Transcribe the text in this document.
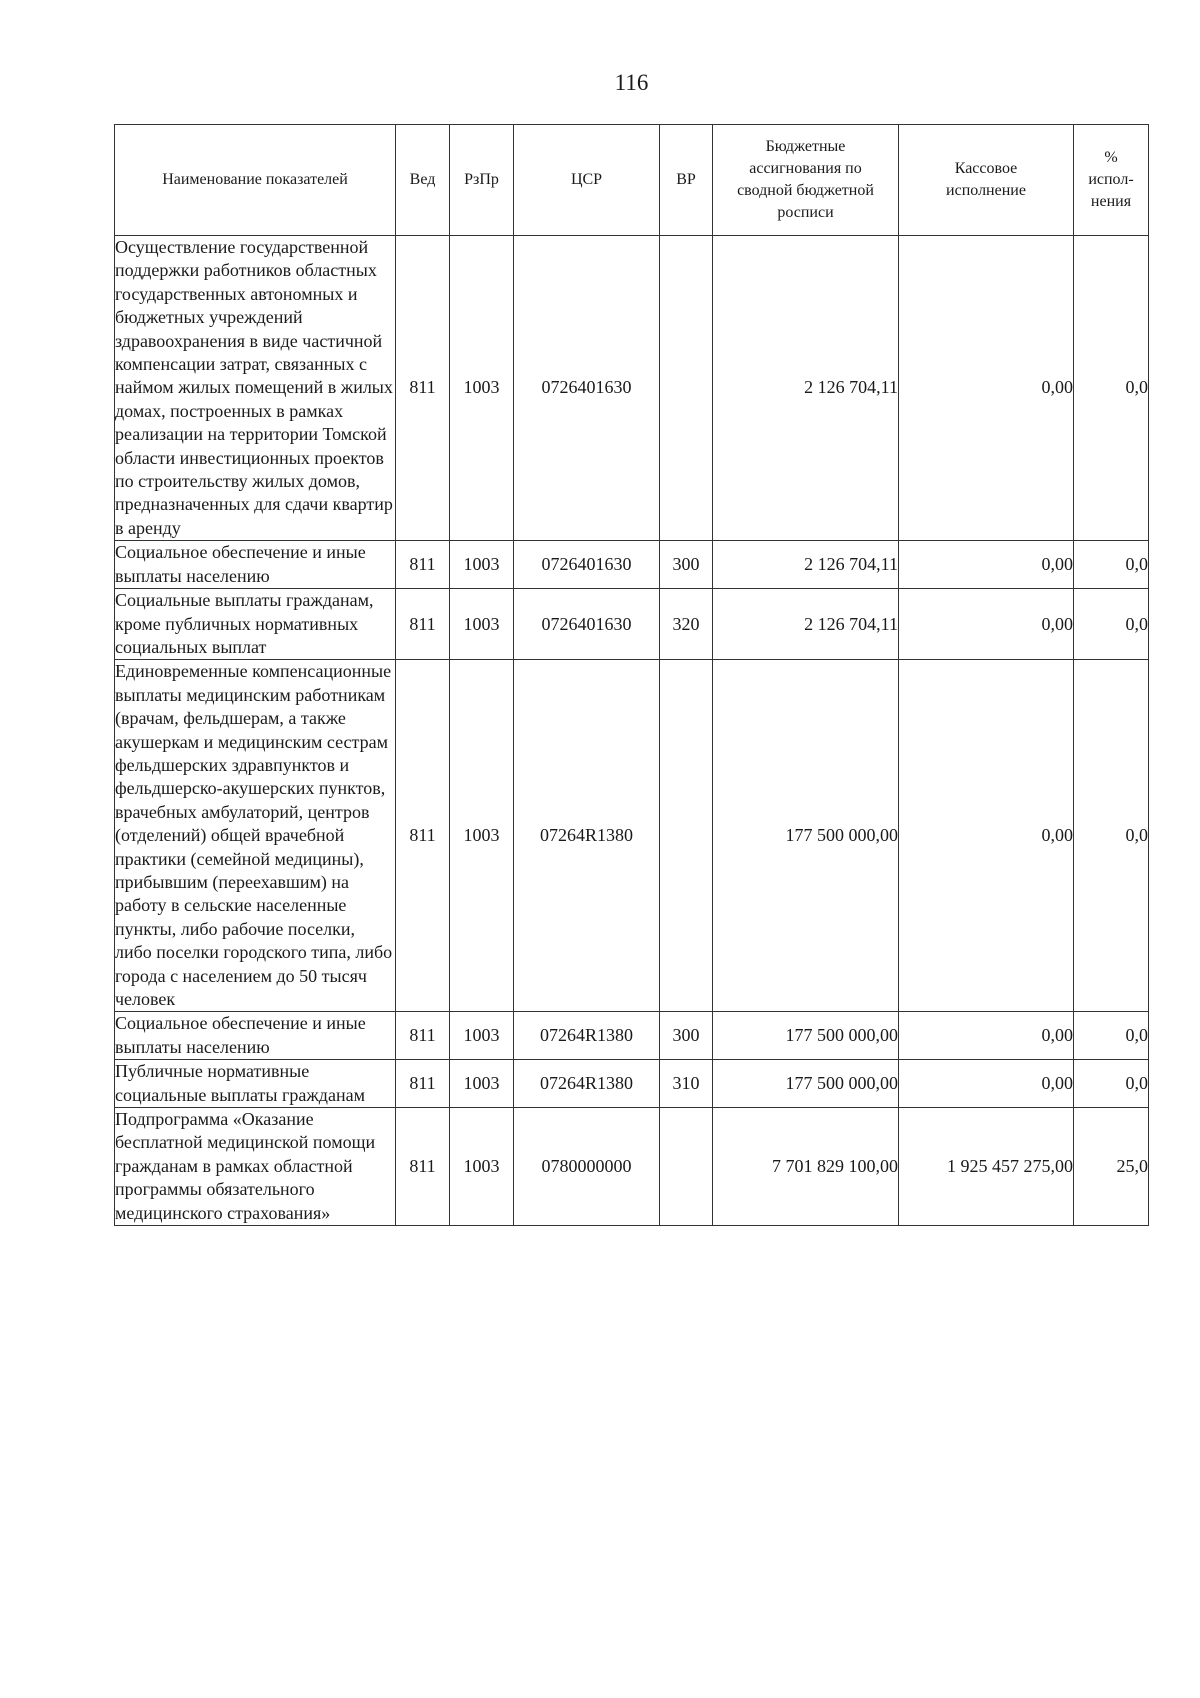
116
Наименование показателей	Вед	РзПр	ЦСР	ВР	Бюджетные ассигнования по сводной бюджетной росписи	Кассовое исполнение	% испол-нения
Осуществление государственной поддержки работников областных государственных автономных и бюджетных учреждений здравоохранения в виде частичной компенсации затрат, связанных с наймом жилых помещений в жилых домах, построенных в рамках реализации на территории Томской области инвестиционных проектов по строительству жилых домов, предназначенных для сдачи квартир в аренду	811	1003	0726401630		2 126 704,11	0,00	0,0
Социальное обеспечение и иные выплаты населению	811	1003	0726401630	300	2 126 704,11	0,00	0,0
Социальные выплаты гражданам, кроме публичных нормативных социальных выплат	811	1003	0726401630	320	2 126 704,11	0,00	0,0
Единовременные компенсационные выплаты медицинским работникам (врачам, фельдшерам, а также акушеркам и медицинским сестрам фельдшерских здравпунктов и фельдшерско-акушерских пунктов, врачебных амбулаторий, центров (отделений) общей врачебной практики (семейной медицины), прибывшим (переехавшим) на работу в сельские населенные пункты, либо рабочие поселки, либо поселки городского типа, либо города с населением до 50 тысяч человек	811	1003	07264R1380		177 500 000,00	0,00	0,0
Социальное обеспечение и иные выплаты населению	811	1003	07264R1380	300	177 500 000,00	0,00	0,0
Публичные нормативные социальные выплаты гражданам	811	1003	07264R1380	310	177 500 000,00	0,00	0,0
Подпрограмма «Оказание бесплатной медицинской помощи гражданам в рамках областной программы обязательного медицинского страхования»	811	1003	0780000000		7 701 829 100,00	1 925 457 275,00	25,0
